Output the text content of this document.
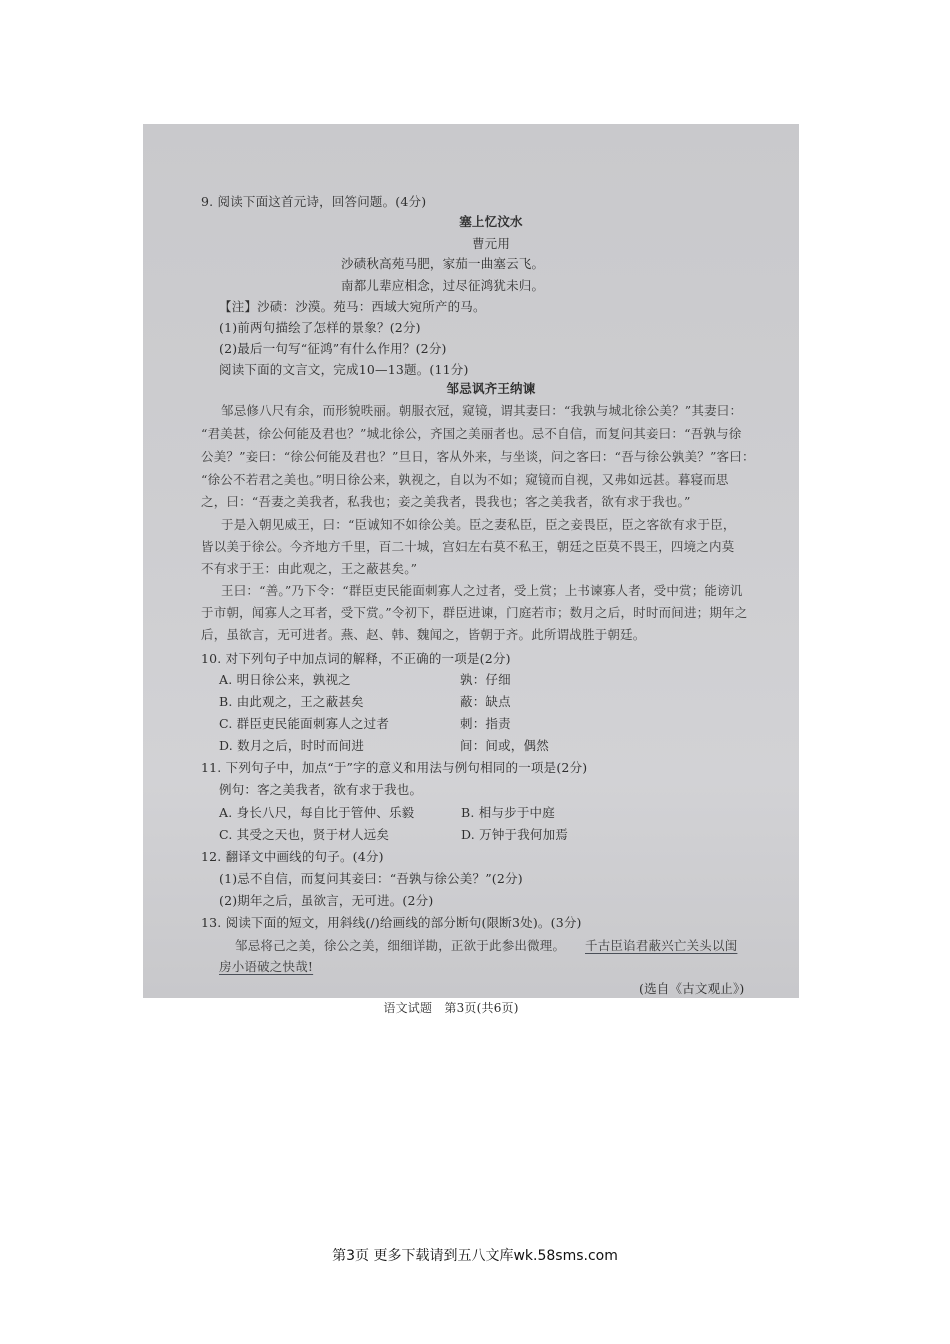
9. 阅读下面这首元诗，回答问题。(4分)
塞上忆汶水
曹元用
沙碛秋高苑马肥，家茄一曲塞云飞。
南都儿辈应相念，过尽征鸿犹未归。
【注】沙碛：沙漠。苑马：西域大宛所产的马。
(1)前两句描绘了怎样的景象？(2分)
(2)最后一句写“征鸿”有什么作用？(2分)
阅读下面的文言文，完成10—13题。(11分)
邹忌讽齐王纳谏
邹忌修八尺有余，而形貌昳丽。朝服衣冠，窥镜，谓其妻曰：“我孰与城北徐公美？”其妻曰：
“君美甚，徐公何能及君也？”城北徐公，齐国之美丽者也。忌不自信，而复问其妾曰：“吾孰与徐
公美？”妾曰：“徐公何能及君也？”旦日，客从外来，与坐谈，问之客曰：“吾与徐公孰美？”客曰：
“徐公不若君之美也。”明日徐公来，孰视之，自以为不如；窥镜而自视，又弗如远甚。暮寝而思
之，曰：“吾妻之美我者，私我也；妾之美我者，畏我也；客之美我者，欲有求于我也。”
于是入朝见威王，曰：“臣诚知不如徐公美。臣之妻私臣，臣之妾畏臣，臣之客欲有求于臣，
皆以美于徐公。今齐地方千里，百二十城，宫妇左右莫不私王，朝廷之臣莫不畏王，四境之内莫
不有求于王：由此观之，王之蔽甚矣。”
王曰：“善。”乃下令：“群臣吏民能面刺寡人之过者，受上赏；上书谏寡人者，受中赏；能谤讥
于市朝，闻寡人之耳者，受下赏。”令初下，群臣进谏，门庭若市；数月之后，时时而间进；期年之
后，虽欲言，无可进者。燕、赵、韩、魏闻之，皆朝于齐。此所谓战胜于朝廷。
10. 对下列句子中加点词的解释，不正确的一项是(2分)
A. 明日徐公来，孰视之	孰：仔细
B. 由此观之，王之蔽甚矣	蔽：缺点
C. 群臣吏民能面刺寡人之过者	刺：指责
D. 数月之后，时时而间进	间：间或，偶然
11. 下列句子中，加点“于”字的意义和用法与例句相同的一项是(2分)
例句：客之美我者，欲有求于我也。
A. 身长八尺，每自比于管仲、乐毅	B. 相与步于中庭
C. 其受之天也，贤于材人远矣	D. 万钟于我何加焉
12. 翻译文中画线的句子。(4分)
(1)忌不自信，而复问其妾曰：“吾孰与徐公美？”(2分)
(2)期年之后，虽欲言，无可进。(2分)
13. 阅读下面的短文，用斜线(/)给画线的部分断句(限断3处)。(3分)
邹忌将己之美，徐公之美，细细详勘，正欲于此参出微理。 千古臣谄君蔽兴亡关头以闺
房小语破之快哉!
(选自《古文观止》)
语文试题　第3页(共6页)
第3页 更多下载请到五八文库wk.58sms.com
